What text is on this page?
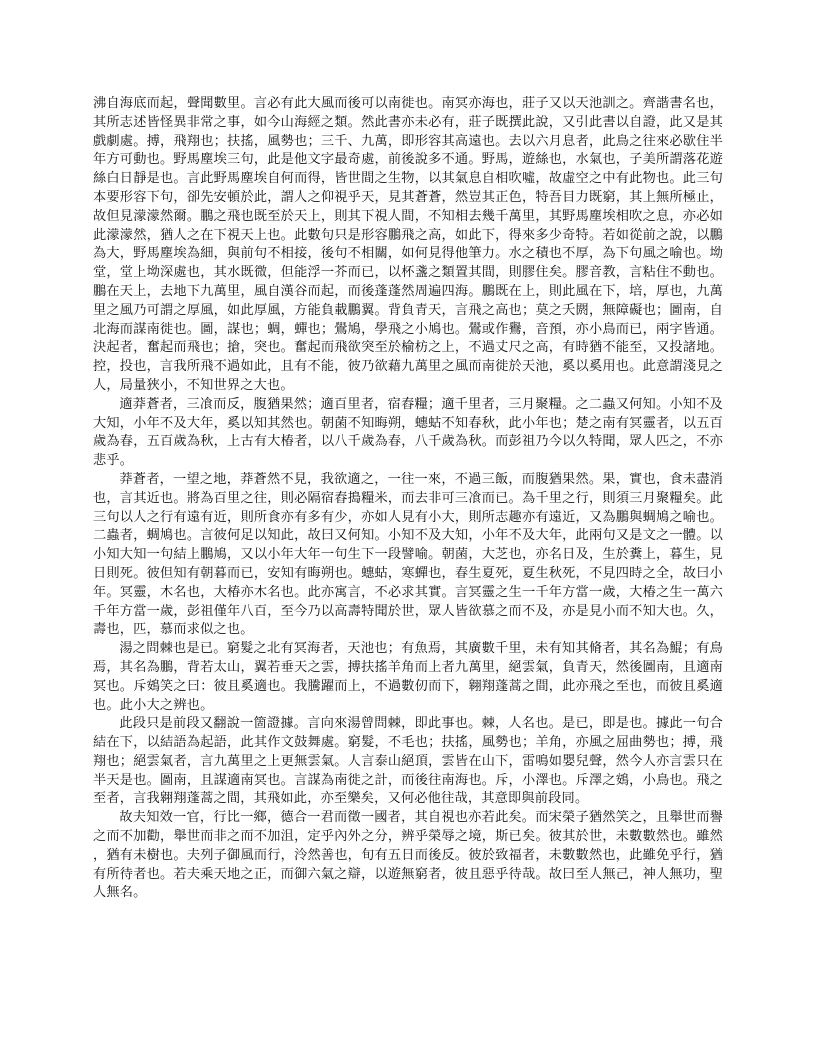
沸自海底而起，聲聞數里。言必有此大風而後可以南徙也。南冥亦海也，莊子又以天池訓之。齊諧書名也，其所志述皆怪異非常之事，如今山海經之類。然此書亦未必有，莊子既撰此說，又引此書以自證，此又是其戲劇處。搏，飛翔也；扶搖，風勢也；三千、九萬，即形容其高遠也。去以六月息者，此鳥之往來必歇住半年方可動也。野馬塵埃三句，此是他文字最奇處，前後說多不通。野馬，遊絲也，水氣也，子美所謂落花遊絲白日靜是也。言此野馬塵埃自何而得，皆世間之生物，以其氣息自相吹噓，故虛空之中有此物也。此三句本要形容下句，卻先安頓於此，謂人之仰視乎天，見其蒼蒼，然豈其正色，特吾目力既窮，其上無所極止，故但見濛濛然爾。鵬之飛也既至於天上，則其下視人間，不知相去幾千萬里，其野馬塵埃相吹之息，亦必如此濛濛然，猶人之在下視天上也。此數句只是形容鵬飛之高，如此下，得來多少奇特。若如從前之說，以鵬為大，野馬塵埃為細，與前句不相接，後句不相關，如何見得他筆力。水之積也不厚，為下句風之喻也。坳堂，堂上坳深處也，其水既微，但能浮一芥而已，以杯盞之類置其間，則膠住矣。膠音教，言粘住不動也。鵬在天上，去地下九萬里，風自漢谷而起，而後蓬蓬然周遍四海。鵬既在上，則此風在下，培，厚也，九萬里之風乃可謂之厚風，如此厚風，方能負載鵬翼。背負青天，言飛之高也；莫之夭閼，無障礙也；圖南，自北海而謀南徙也。圖，謀也；蜩，蟬也；鷽鳩，學飛之小鳩也。鷽或作鸒，音預，亦小鳥而已，兩字皆通。決起者，奮起而飛也；搶，突也。奮起而飛欲突至於榆枋之上，不過丈尺之高，有時猶不能至，又投諸地。控，投也，言我所飛不過如此，且有不能，彼乃欲藉九萬里之風而南徙於天池，奚以奚用也。此意謂淺見之人，局量狹小，不知世界之大也。

適莽蒼者，三飡而反，腹猶果然；適百里者，宿舂糧；適千里者，三月聚糧。之二蟲又何知。小知不及大知，小年不及大年，奚以知其然也。朝菌不知晦朔，蟪蛄不知春秋，此小年也；楚之南有冥靈者，以五百歲為春，五百歲為秋，上古有大椿者，以八千歲為春，八千歲為秋。而彭祖乃今以久特聞，眾人匹之，不亦悲乎。

莽蒼者，一望之地，莽蒼然不見，我欲適之，一往一來，不過三飯，而腹猶果然。果，實也，食未盡消也，言其近也。將為百里之往，則必隔宿舂搗糧米，而去非可三飡而已。為千里之行，則須三月聚糧矣。此三句以人之行有遠有近，則所食亦有多有少，亦如人見有小大，則所志趣亦有遠近，又為鵬與蜩鳩之喻也。二蟲者，蜩鳩也。言彼何足以知此，故曰又何知。小知不及大知，小年不及大年，此兩句又是文之一體。以小知大知一句結上鵬鳩，又以小年大年一句生下一段譬喻。朝菌，大芝也，亦名日及，生於糞上，暮生，見日則死。彼但知有朝暮而已，安知有晦朔也。蟪蛄，寒蟬也，春生夏死，夏生秋死，不見四時之全，故曰小年。冥靈，木名也，大椿亦木名也。此亦寓言，不必求其實。言冥靈之生一千年方當一歲，大椿之生一萬六千年方當一歲，彭祖僅年八百，至今乃以高壽特聞於世，眾人皆欲慕之而不及，亦是見小而不知大也。久，壽也，匹，慕而求似之也。

湯之問棘也是已。窮髮之北有冥海者，天池也；有魚焉，其廣數千里，未有知其脩者，其名為鯤；有鳥焉，其名為鵬，背若太山，翼若垂天之雲，搏扶搖羊角而上者九萬里，絕雲氣，負青天，然後圖南，且適南冥也。斥鴳笑之曰：彼且奚適也。我騰躍而上，不過數仞而下，翱翔蓬蒿之間，此亦飛之至也，而彼且奚適也。此小大之辨也。

此段只是前段又翻說一箇證據。言向來湯曾問棘，即此事也。棘，人名也。是已，即是也。據此一句合結在下，以結語為起語，此其作文鼓舞處。窮髮，不毛也；扶搖，風勢也；羊角，亦風之屈曲勢也；搏，飛翔也；絕雲氣者，言九萬里之上更無雲氣。人言泰山絕頂，雲皆在山下，雷鳴如嬰兒聲，然今人亦言雲只在半天是也。圖南，且謀適南冥也。言謀為南徙之計，而後往南海也。斥，小澤也。斥澤之鴳，小鳥也。飛之至者，言我翱翔蓬蒿之間，其飛如此，亦至樂矣，又何必他往哉，其意即與前段同。

故夫知效一官，行比一鄉，德合一君而徵一國者，其自視也亦若此矣。而宋榮子猶然笑之，且舉世而譽之而不加勸，舉世而非之而不加沮，定乎內外之分，辨乎榮辱之境，斯已矣。彼其於世，未數數然也。雖然，猶有未樹也。夫列子御風而行，泠然善也，旬有五日而後反。彼於致福者，未數數然也，此雖免乎行，猶有所待者也。若夫乘天地之正，而御六氣之辯，以遊無窮者，彼且惡乎待哉。故曰至人無己，神人無功，聖人無名。
